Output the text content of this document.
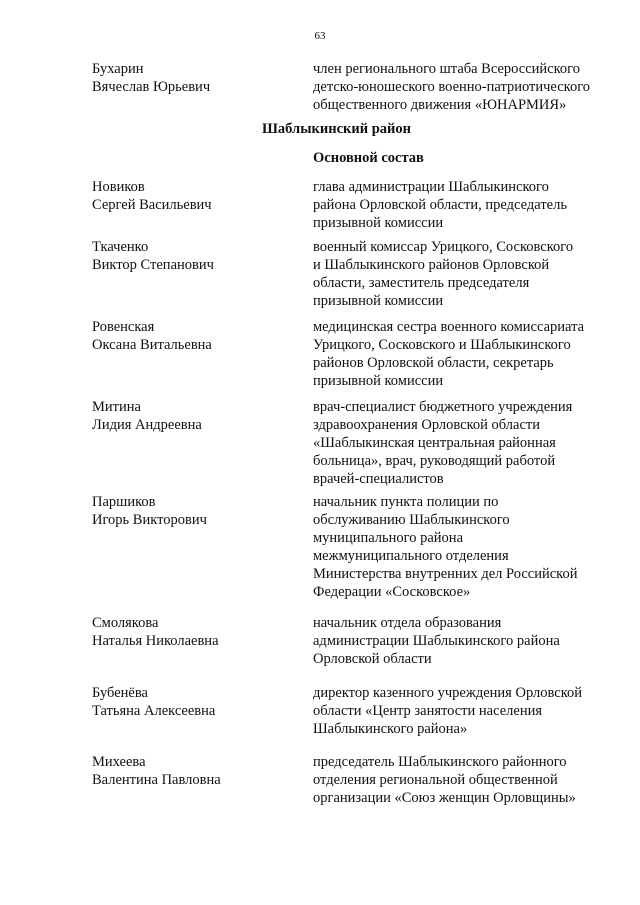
63
Бухарин
Вячеслав Юрьевич
член регионального штаба Всероссийского
детско-юношеского военно-патриотического
общественного движения «ЮНАРМИЯ»
Шаблыкинский район
Основной состав
Новиков
Сергей Васильевич
глава администрации Шаблыкинского
района Орловской области, председатель
призывной комиссии
Ткаченко
Виктор Степанович
военный комиссар Урицкого, Сосковского
и Шаблыкинского районов Орловской
области, заместитель председателя
призывной комиссии
Ровенская
Оксана Витальевна
медицинская сестра военного комиссариата
Урицкого, Сосковского и Шаблыкинского
районов Орловской области, секретарь
призывной комиссии
Митина
Лидия Андреевна
врач-специалист бюджетного учреждения
здравоохранения Орловской области
«Шаблыкинская центральная районная
больница», врач, руководящий работой
врачей-специалистов
Паршиков
Игорь Викторович
начальник пункта полиции по
обслуживанию Шаблыкинского
муниципального района
межмуниципального отделения
Министерства внутренних дел Российской
Федерации «Сосковское»
Смолякова
Наталья Николаевна
начальник отдела образования
администрации Шаблыкинского района
Орловской области
Бубенёва
Татьяна Алексеевна
директор казенного учреждения Орловской
области «Центр занятости населения
Шаблыкинского района»
Михеева
Валентина Павловна
председатель Шаблыкинского районного
отделения региональной общественной
организации «Союз женщин Орловщины»
